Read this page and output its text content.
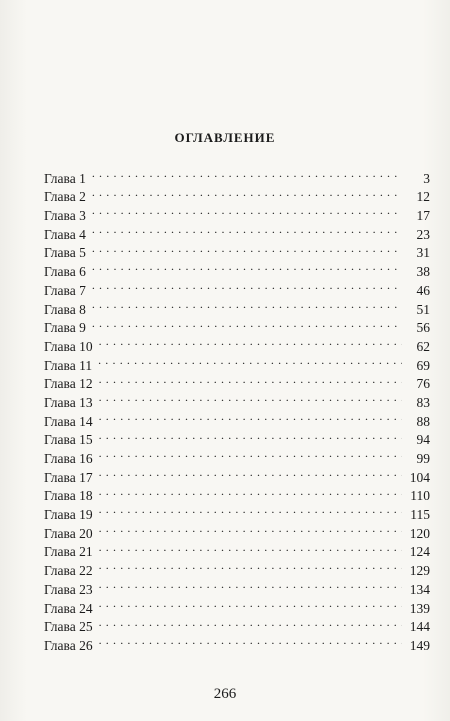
оглавление
Глава 1 . . .	3
Глава 2 . . .	12
Глава 3 . . .	17
Глава 4 . . .	23
Глава 5 . . .	31
Глава 6 . . .	38
Глава 7 . . .	46
Глава 8 . . .	51
Глава 9 . . .	56
Глава 10 . . .	62
Глава 11 . . .	69
Глава 12 . . .	76
Глава 13 . . .	83
Глава 14 . . .	88
Глава 15 . . .	94
Глава 16 . . .	99
Глава 17 . . .	104
Глава 18 . . .	110
Глава 19 . . .	115
Глава 20 . . .	120
Глава 21 . . .	124
Глава 22 . . .	129
Глава 23 . . .	134
Глава 24 . . .	139
Глава 25 . . .	144
Глава 26 . . .	149
266
